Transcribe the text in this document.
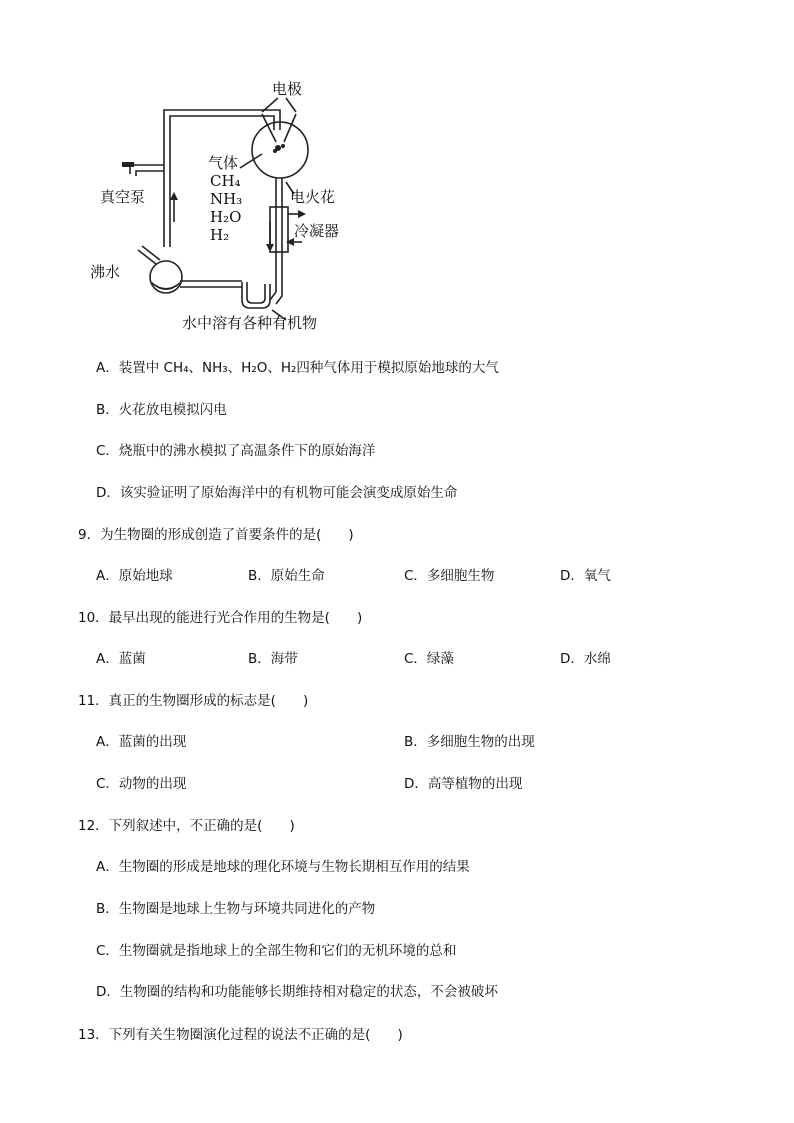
电极
气体
CH₄
NH₃
H₂O
H₂
电火花
真空泵
冷凝器
沸水
水中溶有各种有机物
A．装置中 CH₄、NH₃、H₂O、H₂四种气体用于模拟原始地球的大气
B．火花放电模拟闪电
C．烧瓶中的沸水模拟了高温条件下的原始海洋
D．该实验证明了原始海洋中的有机物可能会演变成原始生命
9．为生物圈的形成创造了首要条件的是(　　)
A．原始地球	B．原始生命	C．多细胞生物	D．氧气
10．最早出现的能进行光合作用的生物是(　　)
A．蓝菌	B．海带	C．绿藻	D．水绵
11．真正的生物圈形成的标志是(　　)
A．蓝菌的出现	B．多细胞生物的出现
C．动物的出现	D．高等植物的出现
12．下列叙述中，不正确的是(　　)
A．生物圈的形成是地球的理化环境与生物长期相互作用的结果
B．生物圈是地球上生物与环境共同进化的产物
C．生物圈就是指地球上的全部生物和它们的无机环境的总和
D．生物圈的结构和功能能够长期维持相对稳定的状态，不会被破坏
13．下列有关生物圈演化过程的说法不正确的是(　　)
